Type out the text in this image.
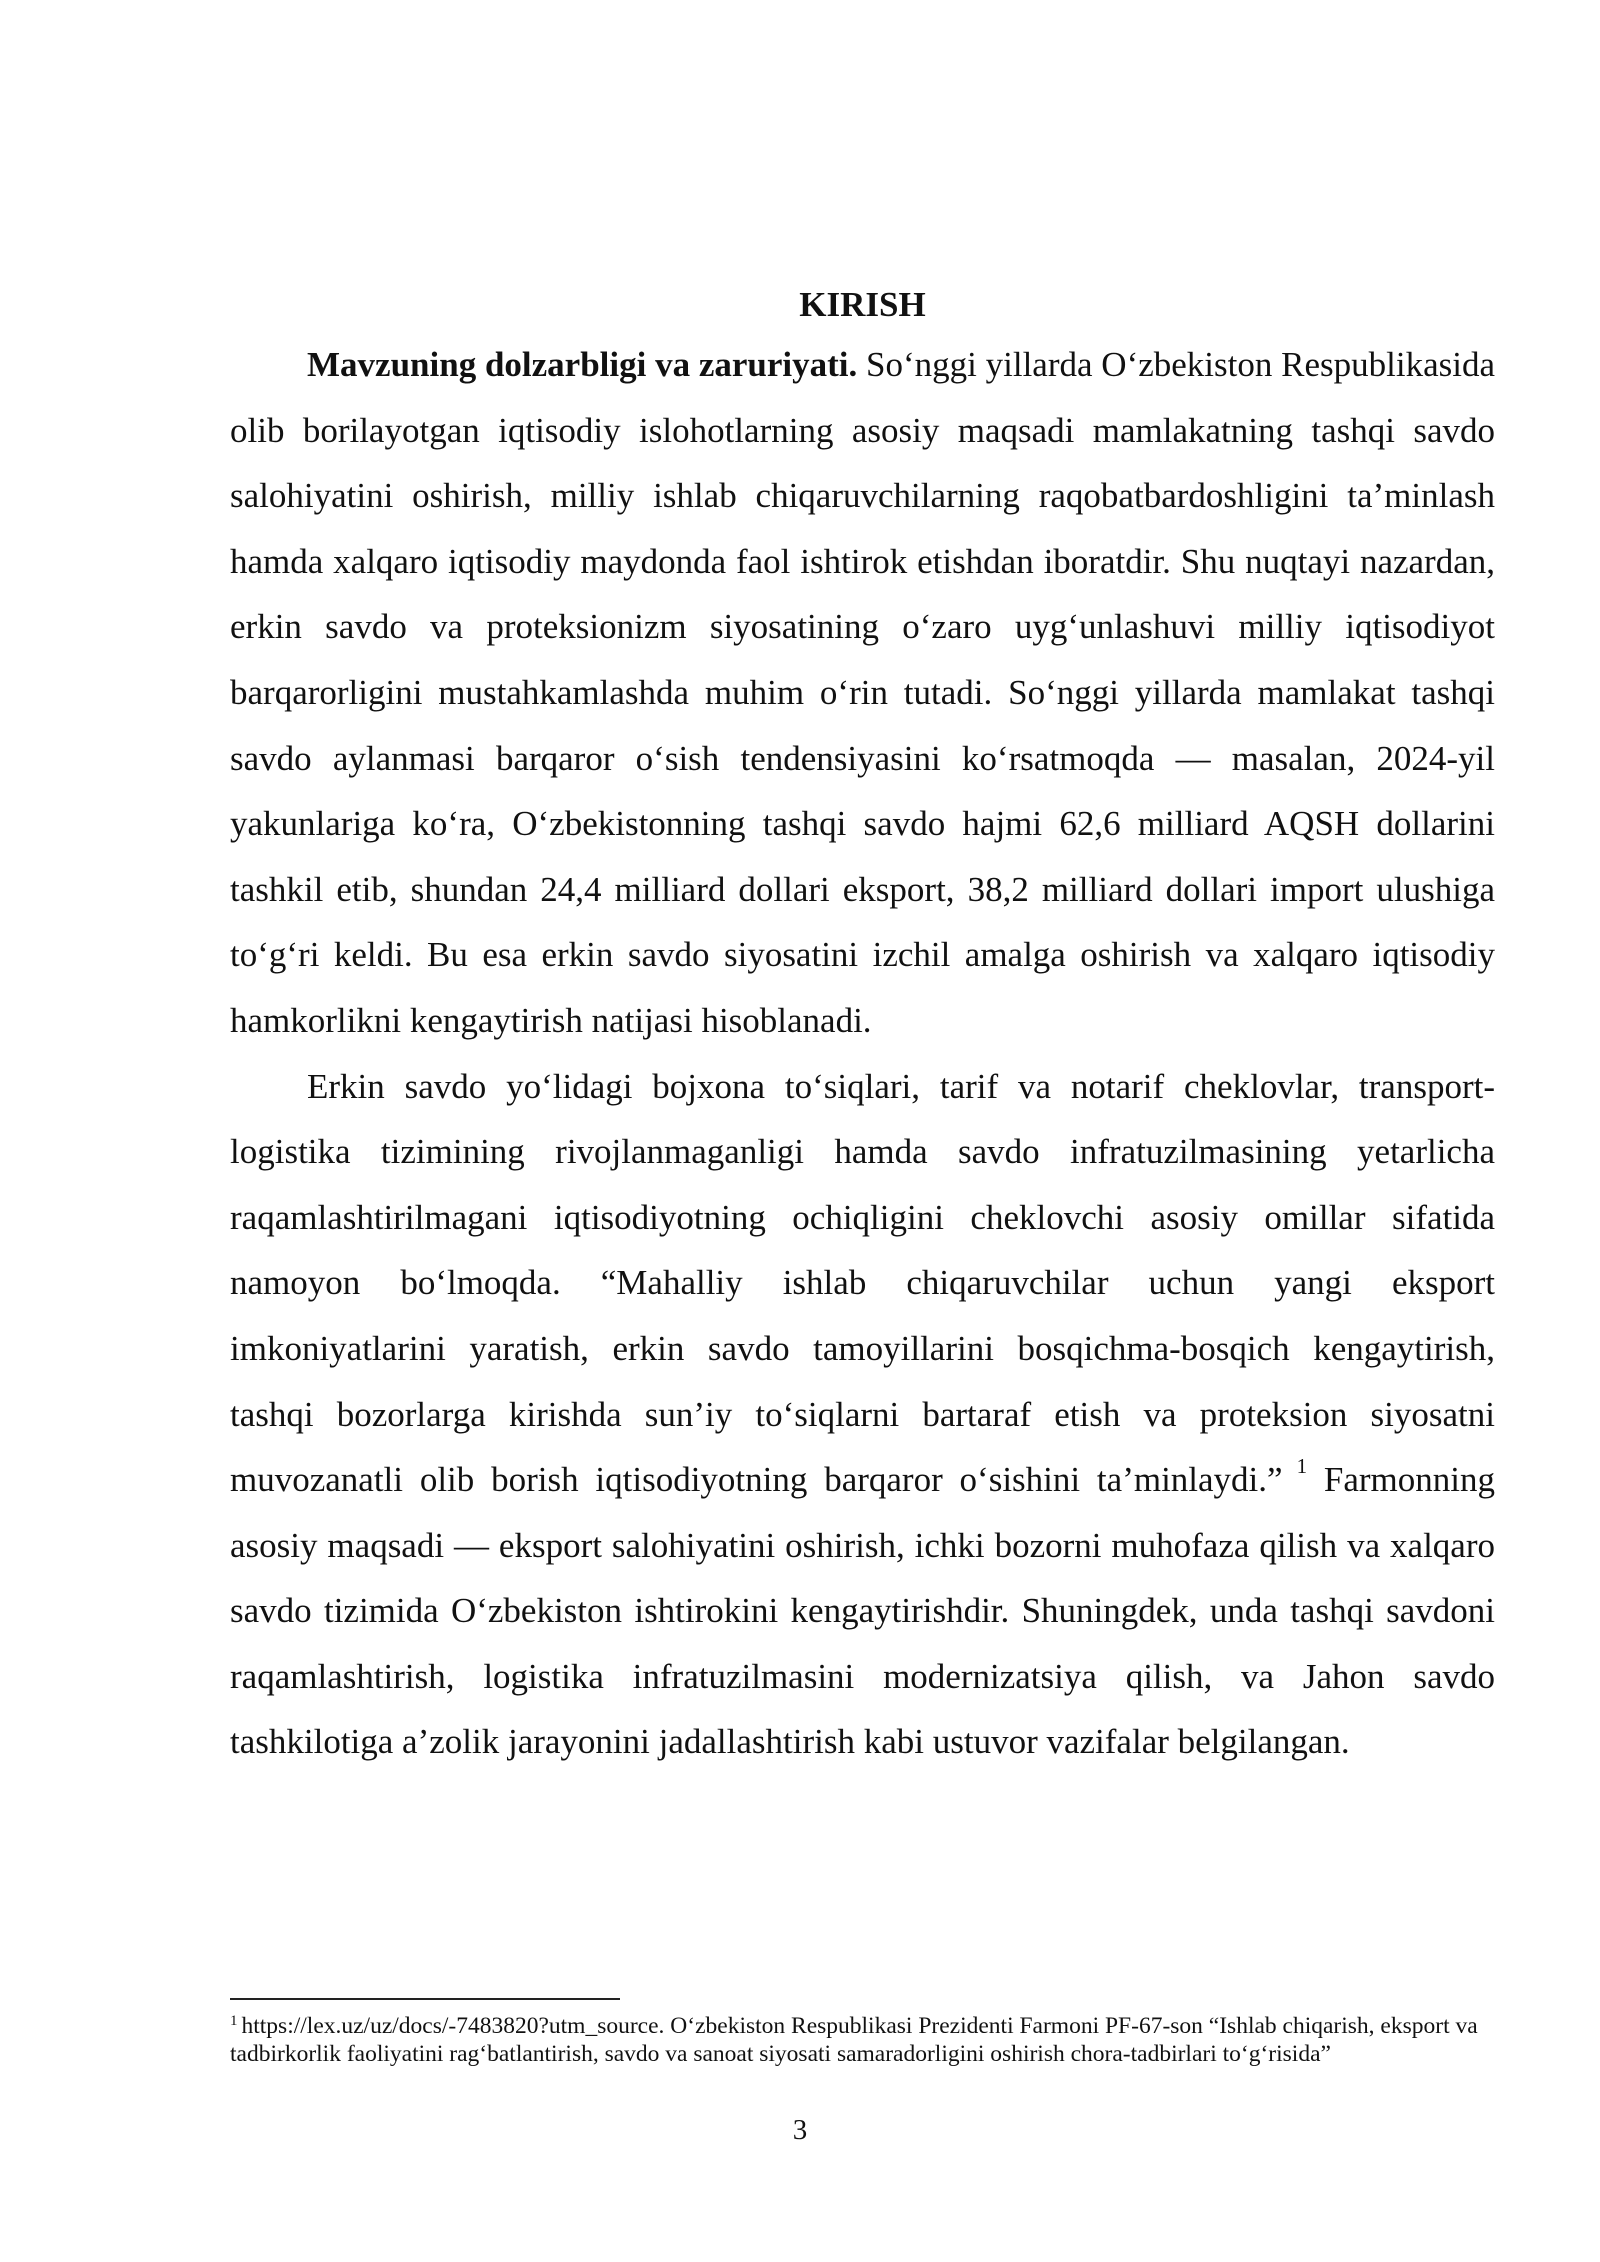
KIRISH

Mavzuning dolzarbligi va zaruriyati. So‘nggi yillarda O‘zbekiston Respublikasida olib borilayotgan iqtisodiy islohotlarning asosiy maqsadi mamlakatning tashqi savdo salohiyatini oshirish, milliy ishlab chiqaruvchilarning raqobatbardoshligini ta’minlash hamda xalqaro iqtisodiy maydonda faol ishtirok etishdan iboratdir. Shu nuqtayi nazardan, erkin savdo va proteksionizm siyosatining o‘zaro uyg‘unlashuvi milliy iqtisodiyot barqarorligini mustahkamlashda muhim o‘rin tutadi. So‘nggi yillarda mamlakat tashqi savdo aylanmasi barqaror o‘sish tendensiyasini ko‘rsatmoqda — masalan, 2024-yil yakunlariga ko‘ra, O‘zbekistonning tashqi savdo hajmi 62,6 milliard AQSH dollarini tashkil etib, shundan 24,4 milliard dollari eksport, 38,2 milliard dollari import ulushiga to‘g‘ri keldi. Bu esa erkin savdo siyosatini izchil amalga oshirish va xalqaro iqtisodiy hamkorlikni kengaytirish natijasi hisoblanadi.

Erkin savdo yo‘lidagi bojxona to‘siqlari, tarif va notarif cheklovlar, transport-logistika tizimining rivojlanmaganligi hamda savdo infratuzilmasining yetarlicha raqamlashtirilmagani iqtisodiyotning ochiqligini cheklovchi asosiy omillar sifatida namoyon bo‘lmoqda. “Mahalliy ishlab chiqaruvchilar uchun yangi eksport imkoniyatlarini yaratish, erkin savdo tamoyillarini bosqichma-bosqich kengaytirish, tashqi bozorlarga kirishda sun’iy to‘siqlarni bartaraf etish va proteksion siyosatni muvozanatli olib borish iqtisodiyotning barqaror o‘sishini ta’minlaydi.” $^1$ Farmonning asosiy maqsadi — eksport salohiyatini oshirish, ichki bozorni muhofaza qilish va xalqaro savdo tizimida O‘zbekiston ishtirokini kengaytirishdir. Shuningdek, unda tashqi savdoni raqamlashtirish, logistika infratuzilmasini modernizatsiya qilish, va Jahon savdo tashkilotiga a’zolik jarayonini jadallashtirish kabi ustuvor vazifalar belgilangan.

$^1$ https://lex.uz/uz/docs/-7483820?utm_source. O‘zbekiston Respublikasi Prezidenti Farmoni PF-67-son “Ishlab chiqarish, eksport va tadbirkorlik faoliyatini rag‘batlantirish, savdo va sanoat siyosati samaradorligini oshirish chora-tadbirlari to‘g‘risida”

3
